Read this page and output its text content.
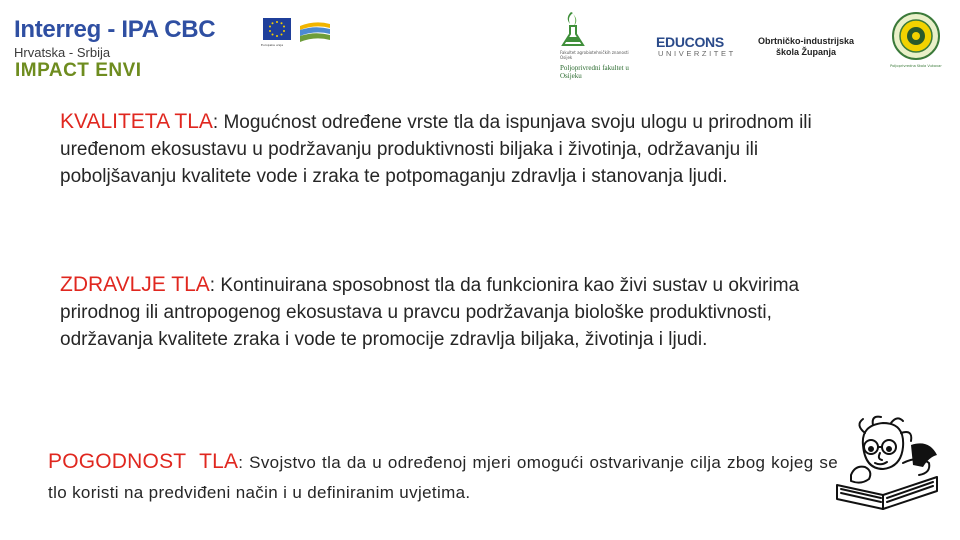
Interreg - IPA CBC
Hrvatska - Srbija
IMPACT ENVI
Europska unija
Fakultet agrobiotehničkih znanosti Osijek
Poljoprivredni fakultet u Osijeku
EDUCONS
UNIVERZITET
Obrtničko-industrijska
škola Županja
Poljoprivredna škola Vukovar
KVALITETA TLA: Mogućnost određene vrste tla da ispunjava svoju ulogu u prirodnom ili uređenom ekosustavu u podržavanju produktivnosti biljaka i životinja, održavanju ili poboljšavanju kvalitete vode i zraka te potpomaganju zdravlja i stanovanja ljudi.
ZDRAVLJE TLA: Kontinuirana sposobnost tla da funkcionira kao živi sustav u okvirima prirodnog ili antropogenog ekosustava u pravcu podržavanja biološke produktivnosti, održavanja kvalitete zraka i vode te promocije zdravlja biljaka, životinja i ljudi.
POGODNOST  TLA: Svojstvo tla da u određenoj mjeri omogući ostvarivanje cilja zbog kojeg se tlo koristi na predviđeni način i u definiranim uvjetima.
